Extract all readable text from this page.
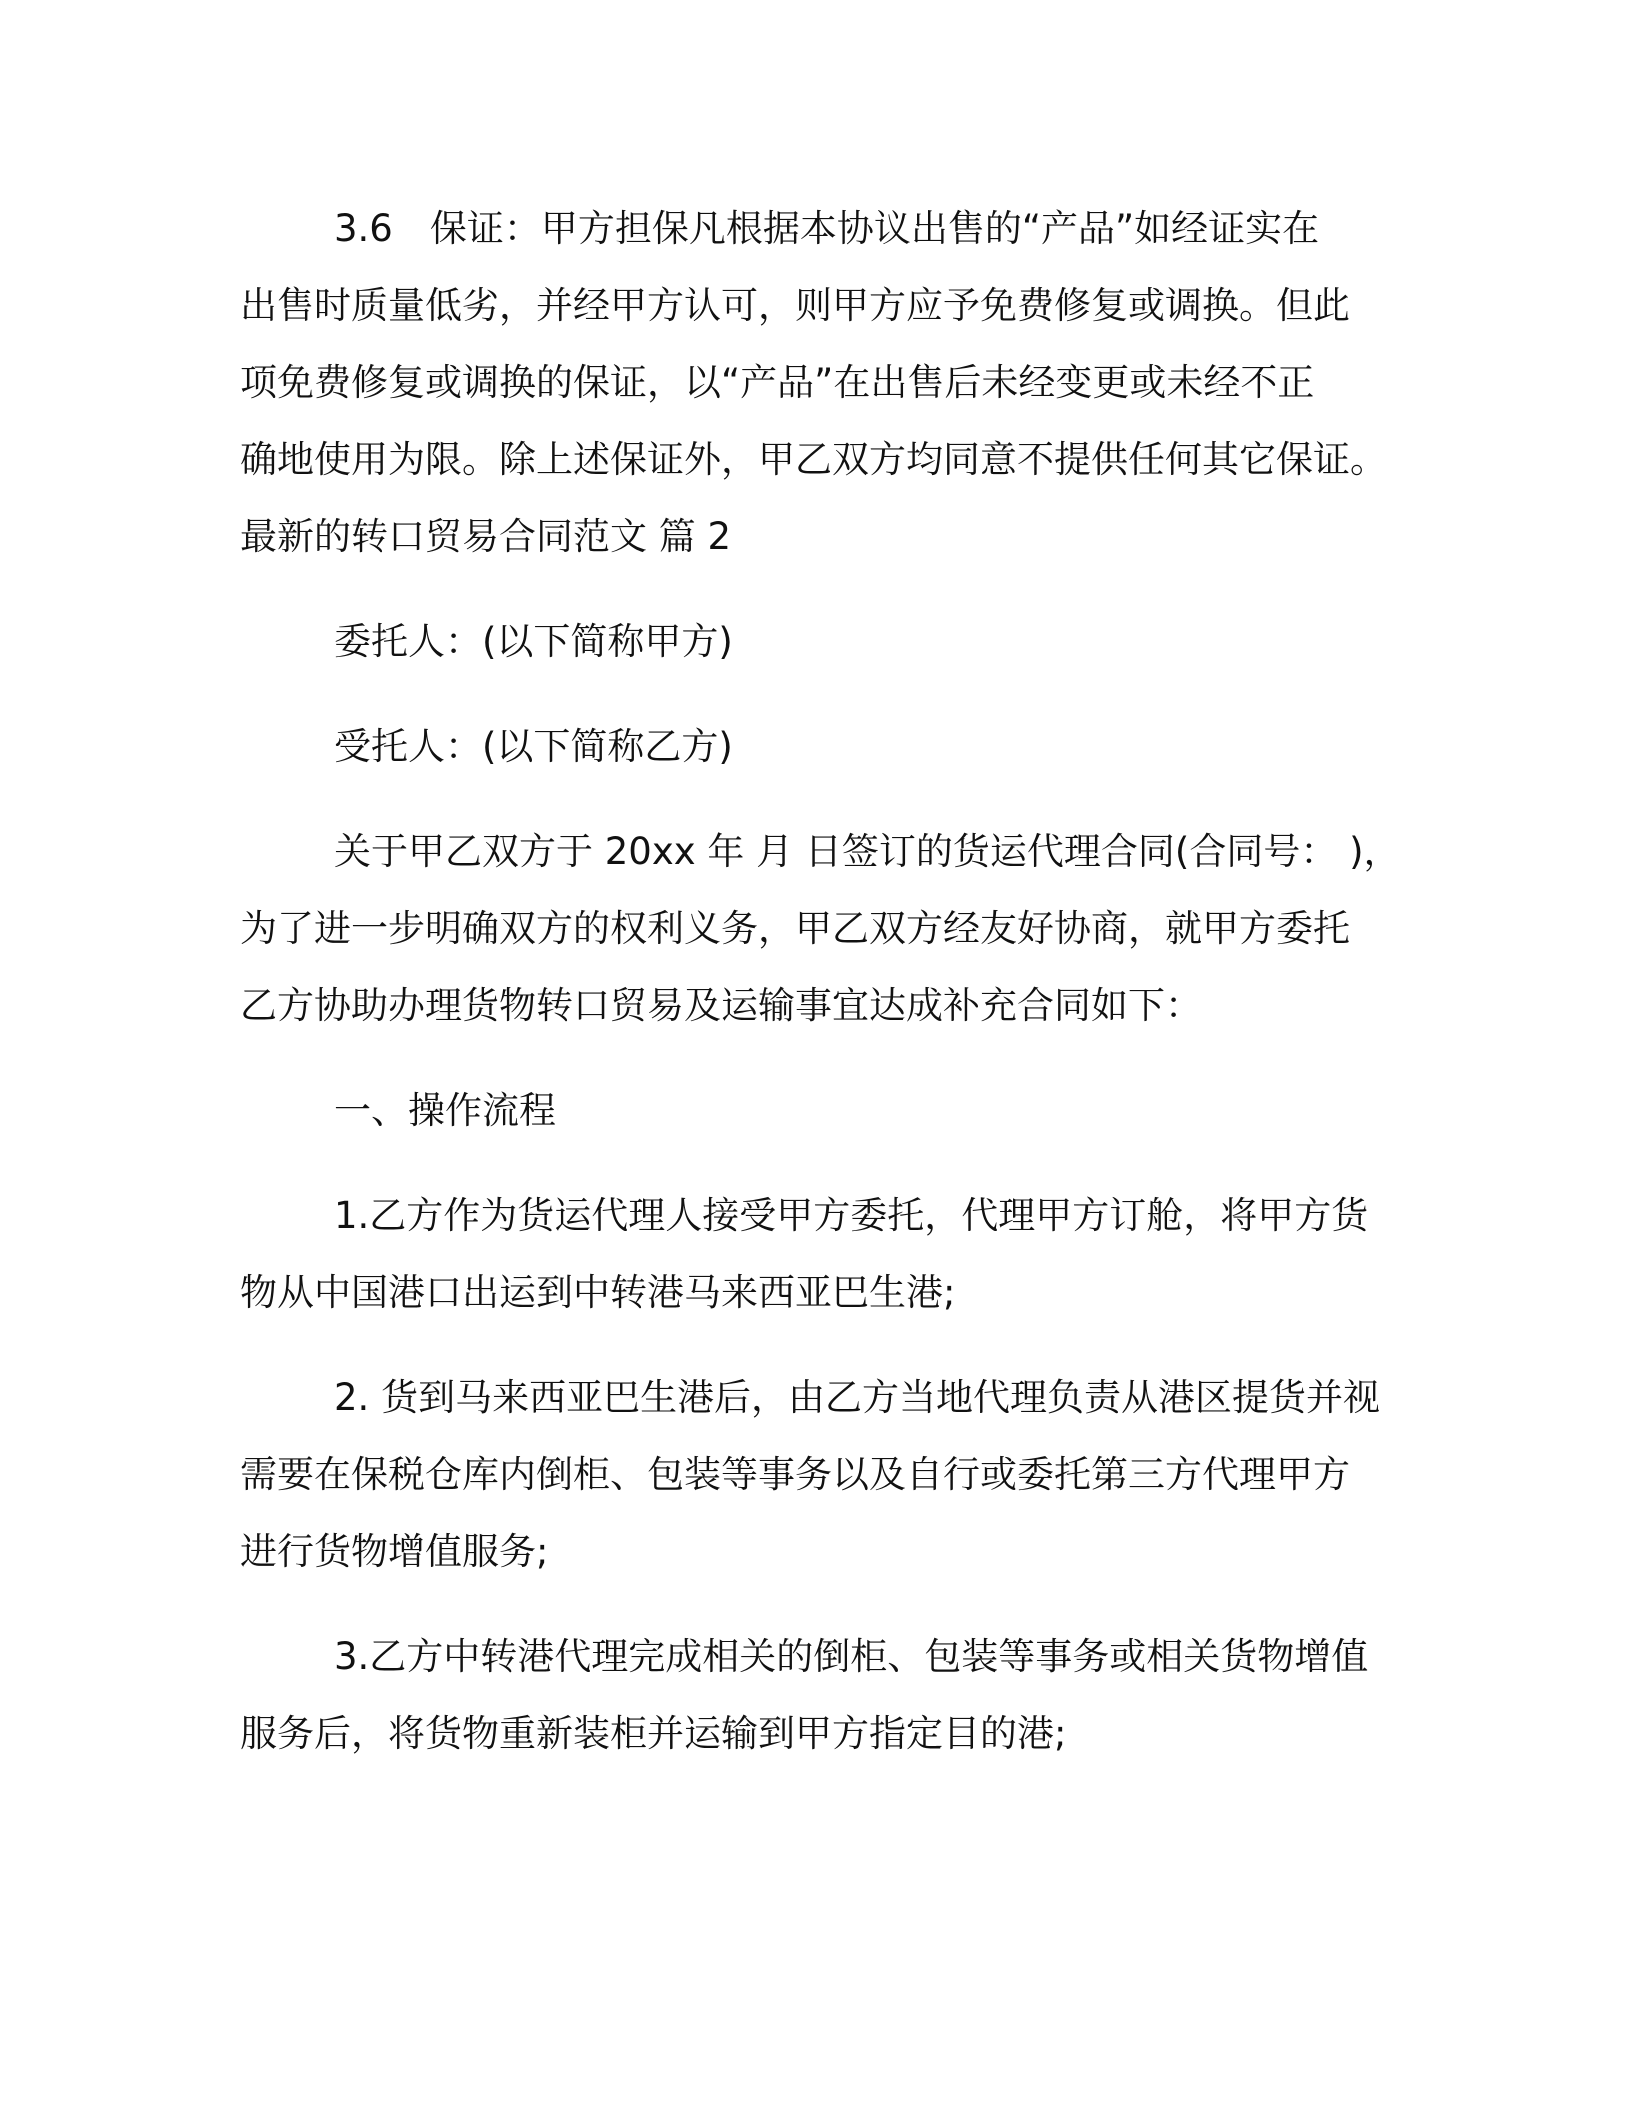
3.6　保证：甲方担保凡根据本协议出售的“产品”如经证实在
出售时质量低劣，并经甲方认可，则甲方应予免费修复或调换。但此
项免费修复或调换的保证，以“产品”在出售后未经变更或未经不正
确地使用为限。除上述保证外，甲乙双方均同意不提供任何其它保证。
最新的转口贸易合同范文 篇 2
委托人：(以下简称甲方)
受托人：(以下简称乙方)
关于甲乙双方于 20xx 年 月 日签订的货运代理合同(合同号： )，
为了进一步明确双方的权利义务，甲乙双方经友好协商，就甲方委托
乙方协助办理货物转口贸易及运输事宜达成补充合同如下：
一、操作流程
1.乙方作为货运代理人接受甲方委托，代理甲方订舱，将甲方货
物从中国港口出运到中转港马来西亚巴生港;
2. 货到马来西亚巴生港后，由乙方当地代理负责从港区提货并视
需要在保税仓库内倒柜、包装等事务以及自行或委托第三方代理甲方
进行货物增值服务;
3.乙方中转港代理完成相关的倒柜、包装等事务或相关货物增值
服务后，将货物重新装柜并运输到甲方指定目的港;
